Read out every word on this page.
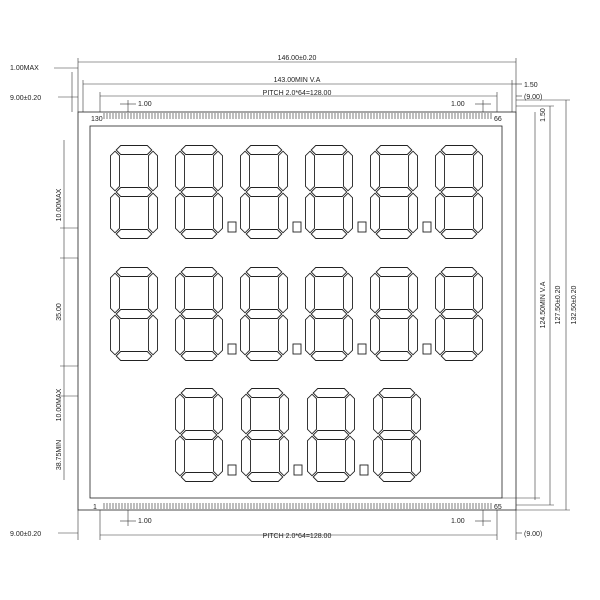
130	66
1	65
146.00±0.20
143.00MIN V.A
PITCH 2.0*64=128.00
1.00	1.00
1.00MAX
9.00±0.20
1.50
(9.00)
PITCH 2.0*64=128.00
1.00	1.00
9.00±0.20	(9.00)
10.00MAX
35.00
10.00MAX
38.75MIN
1.50
124.50MIN V.A 127.50±0.20 132.50±0.20
